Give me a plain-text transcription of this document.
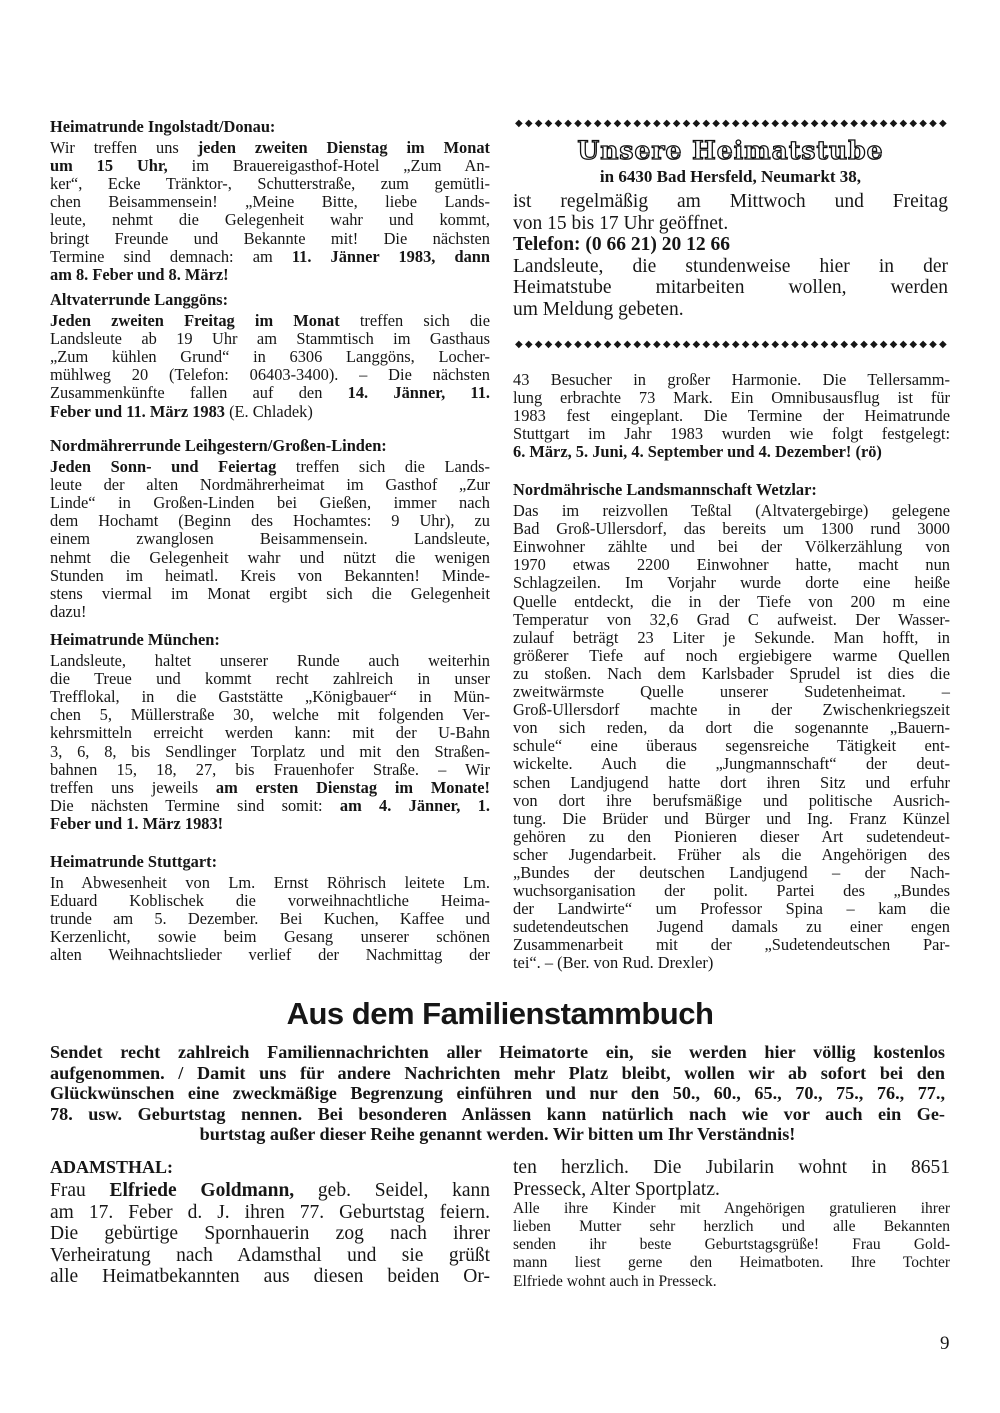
Heimatrunde Ingolstadt/Donau:
Wir treffen uns jeden zweiten Dienstag im Monat
um 15 Uhr, im Brauereigasthof-Hotel „Zum An-
ker“, Ecke Tränktor-, Schutterstraße, zum gemütli-
chen Beisammensein! „Meine Bitte, liebe Lands-
leute, nehmt die Gelegenheit wahr und kommt,
bringt Freunde und Bekannte mit! Die nächsten
Termine sind demnach: am 11. Jänner 1983, dann
am 8. Feber und 8. März!
Altvaterrunde Langgöns:
Jeden zweiten Freitag im Monat treffen sich die
Landsleute ab 19 Uhr am Stammtisch im Gasthaus
„Zum kühlen Grund“ in 6306 Langgöns, Locher-
mühlweg 20 (Telefon: 06403-3400). – Die nächsten
Zusammenkünfte fallen auf den 14. Jänner, 11.
Feber und 11. März 1983 (E. Chladek)
Nordmährerrunde Leihgestern/Großen-Linden:
Jeden Sonn- und Feiertag treffen sich die Lands-
leute der alten Nordmährerheimat im Gasthof „Zur
Linde“ in Großen-Linden bei Gießen, immer nach
dem Hochamt (Beginn des Hochamtes: 9 Uhr), zu
einem zwanglosen Beisammensein. Landsleute,
nehmt die Gelegenheit wahr und nützt die wenigen
Stunden im heimatl. Kreis von Bekannten! Minde-
stens viermal im Monat ergibt sich die Gelegenheit
dazu!
Heimatrunde München:
Landsleute, haltet unserer Runde auch weiterhin
die Treue und kommt recht zahlreich in unser
Trefflokal, in die Gaststätte „Königbauer“ in Mün-
chen 5, Müllerstraße 30, welche mit folgenden Ver-
kehrsmitteln erreicht werden kann: mit der U-Bahn
3, 6, 8, bis Sendlinger Torplatz und mit den Straßen-
bahnen 15, 18, 27, bis Frauenhofer Straße. – Wir
treffen uns jeweils am ersten Dienstag im Monate!
Die nächsten Termine sind somit: am 4. Jänner, 1.
Feber und 1. März 1983!
Heimatrunde Stuttgart:
In Abwesenheit von Lm. Ernst Röhrisch leitete Lm.
Eduard Koblischek die vorweihnachtliche Heima-
trunde am 5. Dezember. Bei Kuchen, Kaffee und
Kerzenlicht, sowie beim Gesang unserer schönen
alten Weihnachtslieder verlief der Nachmittag der
◆ ◆ ◆ ◆ ◆ ◆ ◆ ◆ ◆ ◆ ◆ ◆ ◆ ◆ ◆ ◆ ◆ ◆ ◆ ◆ ◆ ◆ ◆ ◆ ◆ ◆ ◆ ◆ ◆ ◆ ◆ ◆ ◆ ◆ ◆ ◆ ◆ ◆ ◆ ◆ ◆ ◆ ◆ ◆
Unsere Heimatstube
in 6430 Bad Hersfeld, Neumarkt 38,
ist regelmäßig am Mittwoch und Freitag
von 15 bis 17 Uhr geöffnet.
Telefon: (0 66 21) 20 12 66
Landsleute, die stundenweise hier in der
Heimatstube mitarbeiten wollen, werden
um Meldung gebeten.
◆ ◆ ◆ ◆ ◆ ◆ ◆ ◆ ◆ ◆ ◆ ◆ ◆ ◆ ◆ ◆ ◆ ◆ ◆ ◆ ◆ ◆ ◆ ◆ ◆ ◆ ◆ ◆ ◆ ◆ ◆ ◆ ◆ ◆ ◆ ◆ ◆ ◆ ◆ ◆ ◆ ◆ ◆ ◆
43 Besucher in großer Harmonie. Die Tellersamm-
lung erbrachte 73 Mark. Ein Omnibusausflug ist für
1983 fest eingeplant. Die Termine der Heimatrunde
Stuttgart im Jahr 1983 wurden wie folgt festgelegt:
6. März, 5. Juni, 4. September und 4. Dezember! (rö)
Nordmährische Landsmannschaft Wetzlar:
Das im reizvollen Teßtal (Altvatergebirge) gelegene
Bad Groß-Ullersdorf, das bereits um 1300 rund 3000
Einwohner zählte und bei der Völkerzählung von
1970 etwas 2200 Einwohner hatte, macht nun
Schlagzeilen. Im Vorjahr wurde dorte eine heiße
Quelle entdeckt, die in der Tiefe von 200 m eine
Temperatur von 32,6 Grad C aufweist. Der Wasser-
zulauf beträgt 23 Liter je Sekunde. Man hofft, in
größerer Tiefe auf noch ergiebigere warme Quellen
zu stoßen. Nach dem Karlsbader Sprudel ist dies die
zweitwärmste Quelle unserer Sudetenheimat. –
Groß-Ullersdorf machte in der Zwischenkriegszeit
von sich reden, da dort die sogenannte „Bauern-
schule“ eine überaus segensreiche Tätigkeit ent-
wickelte. Auch die „Jungmannschaft“ der deut-
schen Landjugend hatte dort ihren Sitz und erfuhr
von dort ihre berufsmäßige und politische Ausrich-
tung. Die Brüder und Bürger und Ing. Franz Künzel
gehören zu den Pionieren dieser Art sudetendeut-
scher Jugendarbeit. Früher als die Angehörigen des
„Bundes der deutschen Landjugend – der Nach-
wuchsorganisation der polit. Partei des „Bundes
der Landwirte“ um Professor Spina – kam die
sudetendeutschen Jugend damals zu einer engen
Zusammenarbeit mit der „Sudetendeutschen Par-
tei“. – (Ber. von Rud. Drexler)
Aus dem Familienstammbuch
Sendet recht zahlreich Familiennachrichten aller Heimatorte ein, sie werden hier völlig kostenlos
aufgenommen. / Damit uns für andere Nachrichten mehr Platz bleibt, wollen wir ab sofort bei den
Glückwünschen eine zweckmäßige Begrenzung einführen und nur den 50., 60., 65., 70., 75., 76., 77.,
78. usw. Geburtstag nennen. Bei besonderen Anlässen kann natürlich nach wie vor auch ein Ge-
burtstag außer dieser Reihe genannt werden. Wir bitten um Ihr Verständnis!
ADAMSTHAL:
Frau Elfriede Goldmann, geb. Seidel, kann
am 17. Feber d. J. ihren 77. Geburtstag feiern.
Die gebürtige Spornhauerin zog nach ihrer
Verheiratung nach Adamsthal und sie grüßt
alle Heimatbekannten aus diesen beiden Or-
ten herzlich. Die Jubilarin wohnt in 8651
Presseck, Alter Sportplatz.
Alle ihre Kinder mit Angehörigen gratulieren ihrer
lieben Mutter sehr herzlich und alle Bekannten
senden ihr beste Geburtstagsgrüße! Frau Gold-
mann liest gerne den Heimatboten. Ihre Tochter
Elfriede wohnt auch in Presseck.
9
